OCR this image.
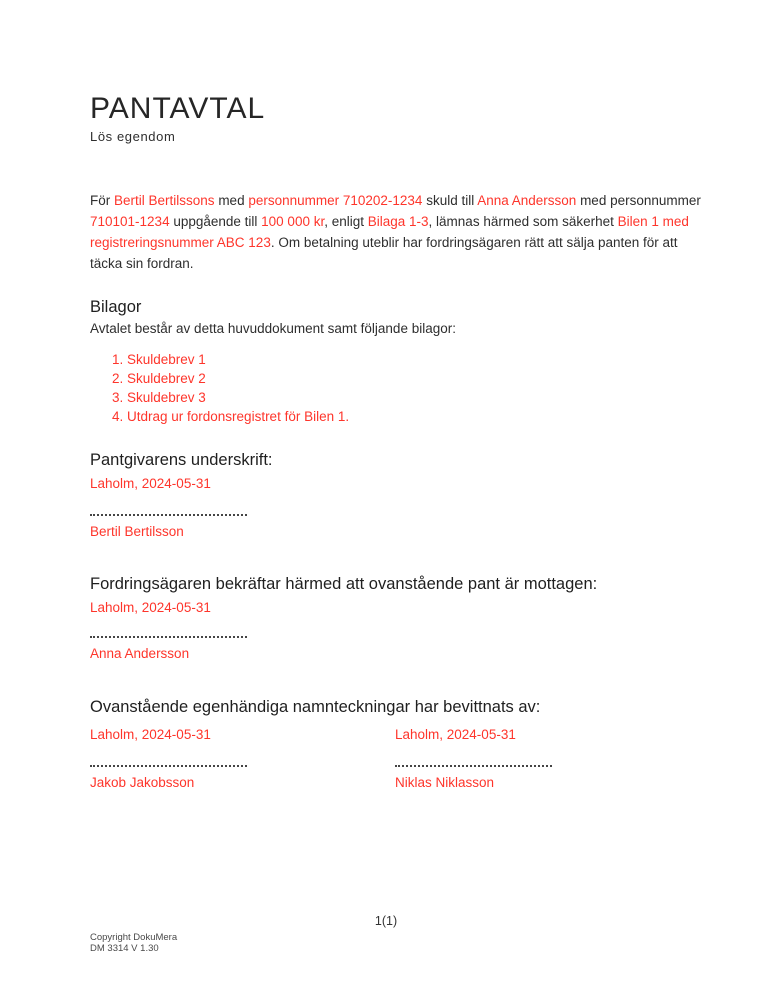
PANTAVTAL
Lös egendom

För Bertil Bertilssons med personnummer 710202-1234 skuld till Anna Andersson med personnummer 710101-1234 uppgående till 100 000 kr, enligt Bilaga 1-3, lämnas härmed som säkerhet Bilen 1 med registreringsnummer ABC 123. Om betalning uteblir har fordringsägaren rätt att sälja panten för att täcka sin fordran.

Bilagor
Avtalet består av detta huvuddokument samt följande bilagor:
1. Skuldebrev 1
2. Skuldebrev 2
3. Skuldebrev 3
4. Utdrag ur fordonsregistret för Bilen 1.
Pantgivarens underskrift:
Laholm, 2024-05-31
Bertil Bertilsson
Fordringsägaren bekräftar härmed att ovanstående pant är mottagen:
Laholm, 2024-05-31
Anna Andersson
Ovanstående egenhändiga namnteckningar har bevittnats av:
Laholm, 2024-05-31
Jakob Jakobsson
Laholm, 2024-05-31
Niklas Niklasson
1(1)
Copyright DokuMera
DM 3314 V 1.30
